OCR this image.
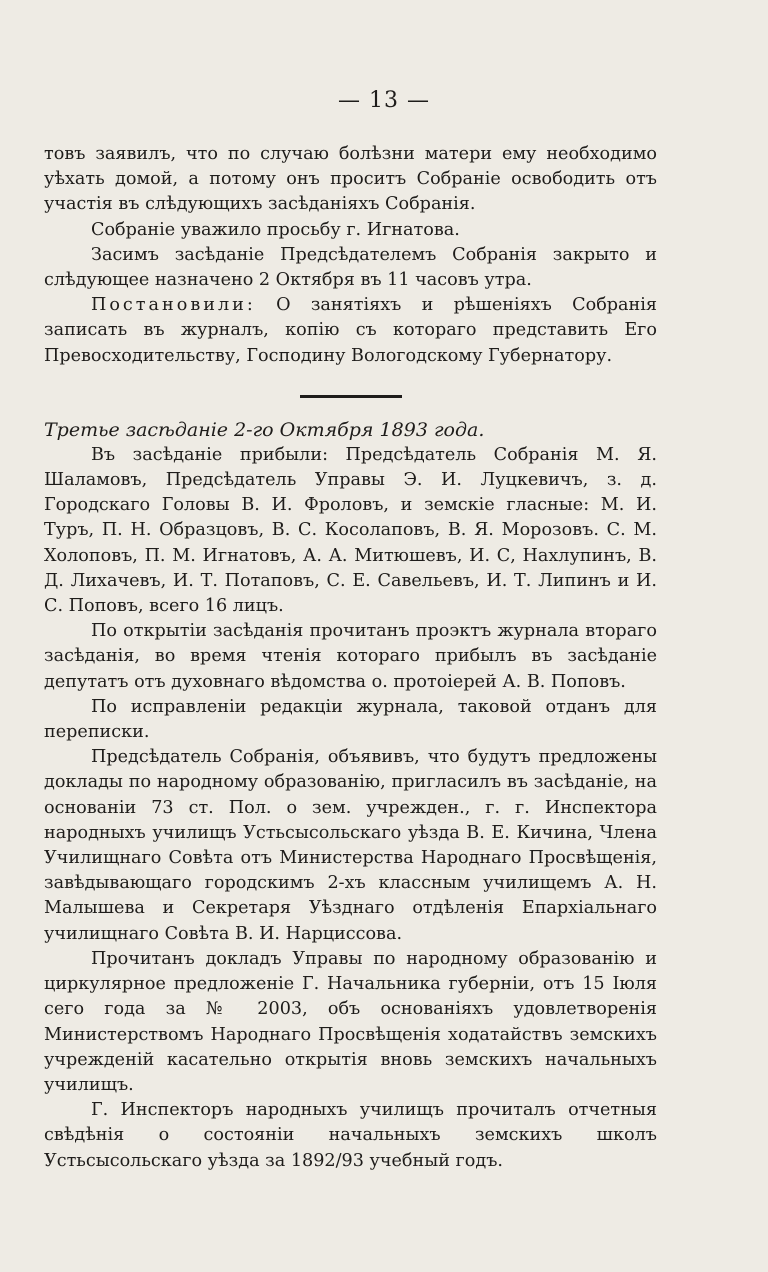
— 13 —

товъ заявилъ, что по случаю болѣзни матери ему необходимо уѣхать домой, а потому онъ проситъ Собраніе освободить отъ участія въ слѣдующихъ засѣданіяхъ Собранія.

Собраніе уважило просьбу г. Игнатова.

Засимъ засѣданіе Предсѣдателемъ Собранія закрыто и слѣдующее назначено 2 Октября въ 11 часовъ утра.

Постановили: О занятіяхъ и рѣшеніяхъ Собранія записать въ журналъ, копію съ котораго представить Его Превосходительству, Господину Вологодскому Губернатору.

Третье засѣданіе 2-го Октября 1893 года.

Въ засѣданіе прибыли: Предсѣдатель Собранія М. Я. Шаламовъ, Предсѣдатель Управы Э. И. Луцкевичъ, з. д. Городскаго Головы В. И. Фроловъ, и земскіе гласные: М. И. Туръ, П. Н. Образцовъ, В. С. Косолаповъ, В. Я. Морозовъ. С. М. Холоповъ, П. М. Игнатовъ, А. А. Митюшевъ, И. С, Нахлупинъ, В. Д. Лихачевъ, И. Т. Потаповъ, С. Е. Савельевъ, И. Т. Липинъ и И. С. Поповъ, всего 16 лицъ.

По открытіи засѣданія прочитанъ проэктъ журнала втораго засѣданія, во время чтенія котораго прибылъ въ засѣданіе депутатъ отъ духовнаго вѣдомства о. протоіерей А. В. Поповъ.

По исправленіи редакціи журнала, таковой отданъ для переписки.

Предсѣдатель Собранія, объявивъ, что будутъ предложены доклады по народному образованію, пригласилъ въ засѣданіе, на основаніи 73 ст. Пол. о зем. учрежден., г. г. Инспектора народныхъ училищъ Устьсысольскаго уѣзда В. Е. Кичина, Члена Училищнаго Совѣта отъ Министерства Народнаго Просвѣщенія, завѣдывающаго городскимъ 2-хъ классным училищемъ А. Н. Малышева и Секретаря Уѣзднаго отдѣленія Епархіальнаго училищнаго Совѣта В. И. Нарциссова.

Прочитанъ докладъ Управы по народному образованію и циркулярное предложеніе Г. Начальника губерніи, отъ 15 Іюля сего года за № 2003, объ основаніяхъ удовлетворенія Министерствомъ Народнаго Просвѣщенія ходатайствъ земскихъ учрежденій касательно открытія вновь земскихъ начальныхъ училищъ.

Г. Инспекторъ народныхъ училищъ прочиталъ отчетныя свѣдѣнія о состояніи начальныхъ земскихъ школъ Устьсысольскаго уѣзда за 1892/93 учебный годъ.
